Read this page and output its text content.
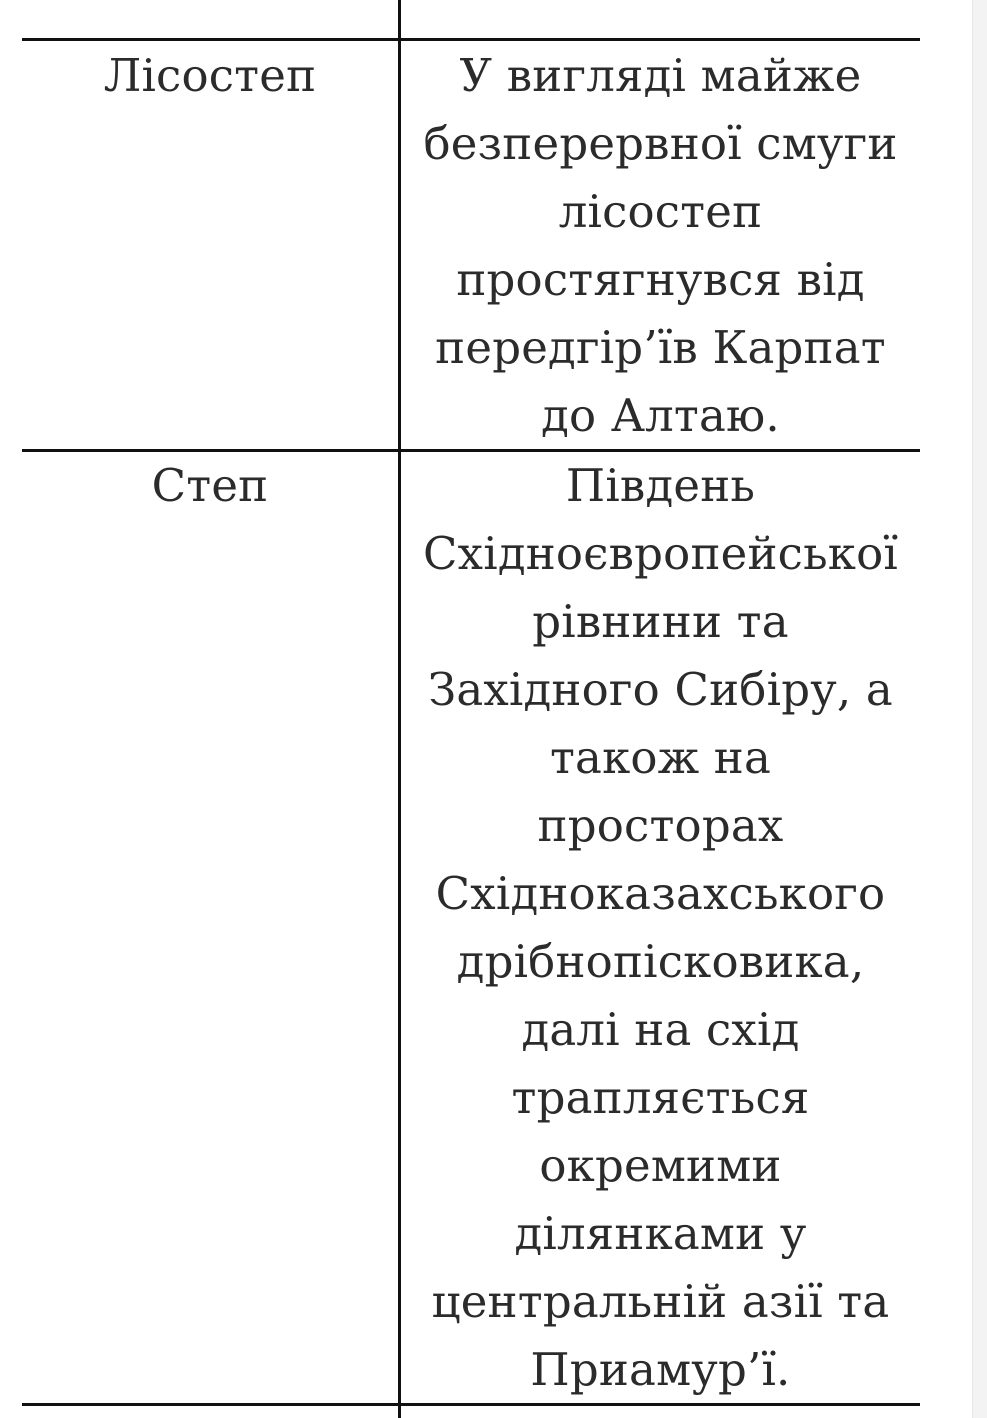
Лісостеп	У вигляді майже
безперервної смуги
лісостеп
простягнувся від
передгір’їв Карпат
до Алтаю.
Степ	Південь
Східноєвропейської
рівнини та
Західного Сибіру, а
також на
просторах
Східноказахського
дрібнопісковика,
далі на схід
трапляється
окремими
ділянками у
центральній азії та
Приамур’ї.
